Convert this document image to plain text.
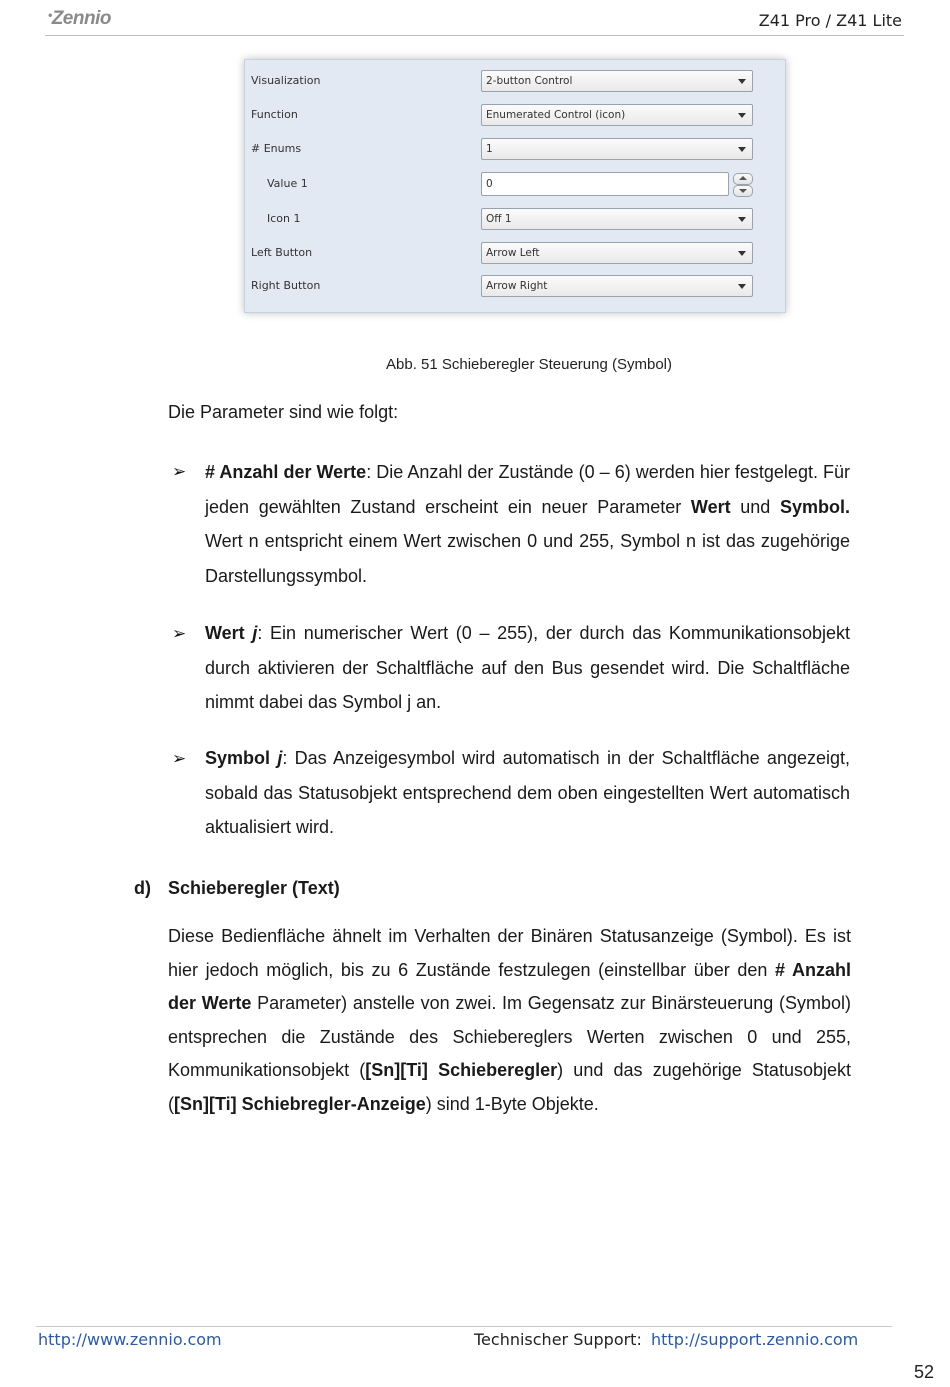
•Zennio	Z41 Pro / Z41 Lite
Visualization	2-button Control
Function	Enumerated Control (icon)
# Enums	1
Value 1	0
Icon 1	Off 1
Left Button	Arrow Left
Right Button	Arrow Right
Abb. 51 Schieberegler Steuerung (Symbol)
Die Parameter sind wie folgt:
➢ # Anzahl der Werte: Die Anzahl der Zustände (0 – 6) werden hier festgelegt. Für jeden gewählten Zustand erscheint ein neuer Parameter Wert und Symbol. Wert n entspricht einem Wert zwischen 0 und 255, Symbol n ist das zugehörige Darstellungssymbol.
➢ Wert j: Ein numerischer Wert (0 – 255), der durch das Kommunikationsobjekt durch aktivieren der Schaltfläche auf den Bus gesendet wird. Die Schaltfläche nimmt dabei das Symbol j an.
➢ Symbol j: Das Anzeigesymbol wird automatisch in der Schaltfläche angezeigt, sobald das Statusobjekt entsprechend dem oben eingestellten Wert automatisch aktualisiert wird.
d) Schieberegler (Text)
Diese Bedienfläche ähnelt im Verhalten der Binären Statusanzeige (Symbol). Es ist hier jedoch möglich, bis zu 6 Zustände festzulegen (einstellbar über den # Anzahl der Werte Parameter) anstelle von zwei. Im Gegensatz zur Binärsteuerung (Symbol) entsprechen die Zustände des Schiebereglers Werten zwischen 0 und 255, Kommunikationsobjekt ([Sn][Ti] Schieberegler) und das zugehörige Statusobjekt ([Sn][Ti] Schiebregler-Anzeige) sind 1-Byte Objekte.
http://www.zennio.com	Technischer Support: http://support.zennio.com
52
